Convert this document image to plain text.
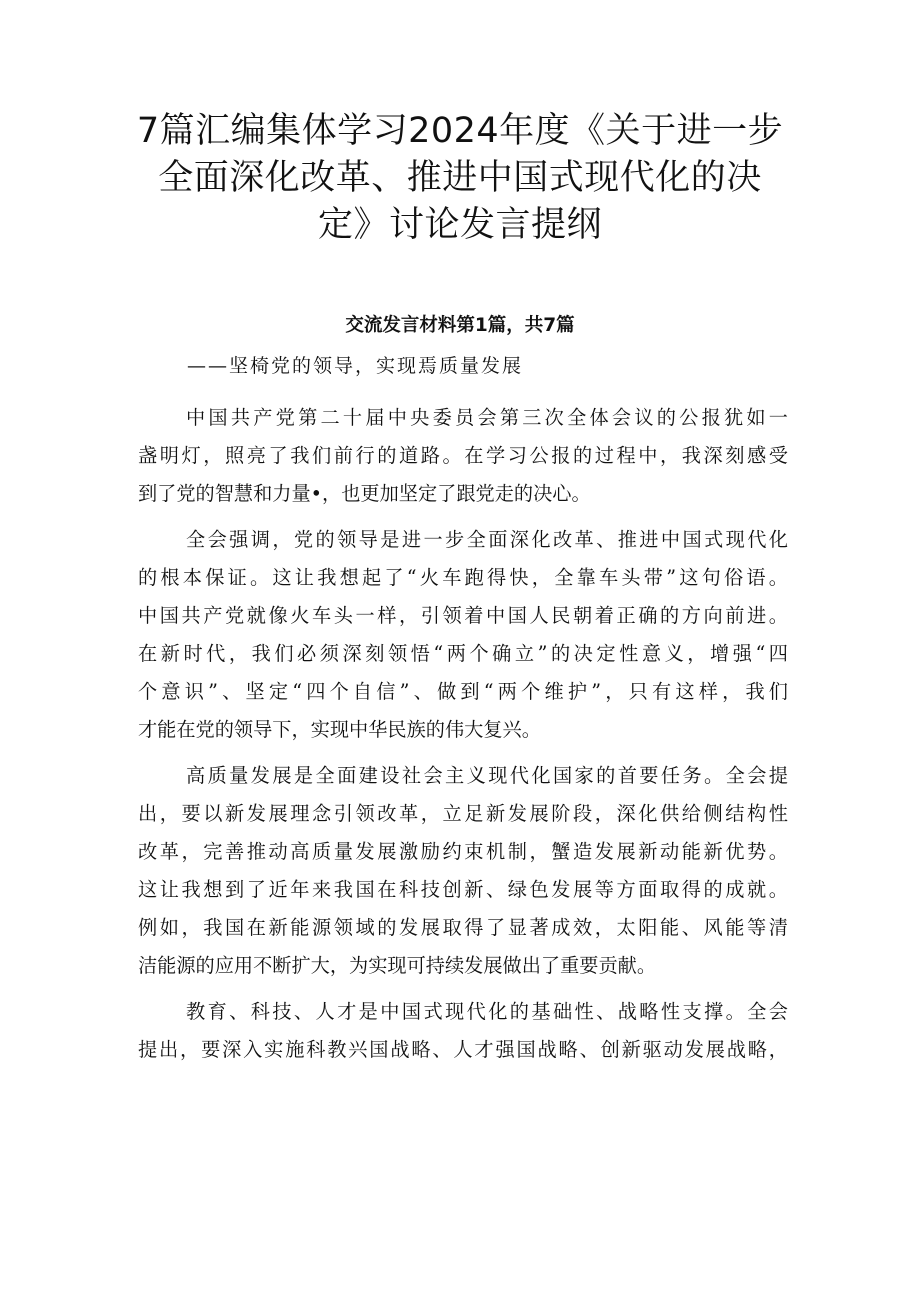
7篇汇编集体学习2024年度《关于进一步
全面深化改革、推进中国式现代化的决
定》讨论发言提纲
交流发言材料第1篇，共7篇
——坚椅党的领导，实现焉质量发展
中国共产党第二十届中央委员会第三次全体会议的公报犹如一
盏明灯，照亮了我们前行的道路。在学习公报的过程中，我深刻感受
到了党的智慧和力量•，也更加坚定了跟党走的决心。
全会强调，党的领导是进一步全面深化改革、推进中国式现代化
的根本保证。这让我想起了“火车跑得快，全靠车头带”这句俗语。
中国共产党就像火车头一样，引领着中国人民朝着正确的方向前进。
在新时代，我们必须深刻领悟“两个确立”的决定性意义，增强“四
个意识”、坚定“四个自信”、做到“两个维护”，只有这样，我们
才能在党的领导下，实现中华民族的伟大复兴。
高质量发展是全面建设社会主义现代化国家的首要任务。全会提
出，要以新发展理念引领改革，立足新发展阶段，深化供给侧结构性
改革，完善推动高质量发展激励约束机制，蟹造发展新动能新优势。
这让我想到了近年来我国在科技创新、绿色发展等方面取得的成就。
例如，我国在新能源领域的发展取得了显著成效，太阳能、风能等清
洁能源的应用不断扩大，为实现可持续发展做出了重要贡献。
教育、科技、人才是中国式现代化的基础性、战略性支撑。全会
提出，要深入实施科教兴国战略、人才强国战略、创新驱动发展战略，
